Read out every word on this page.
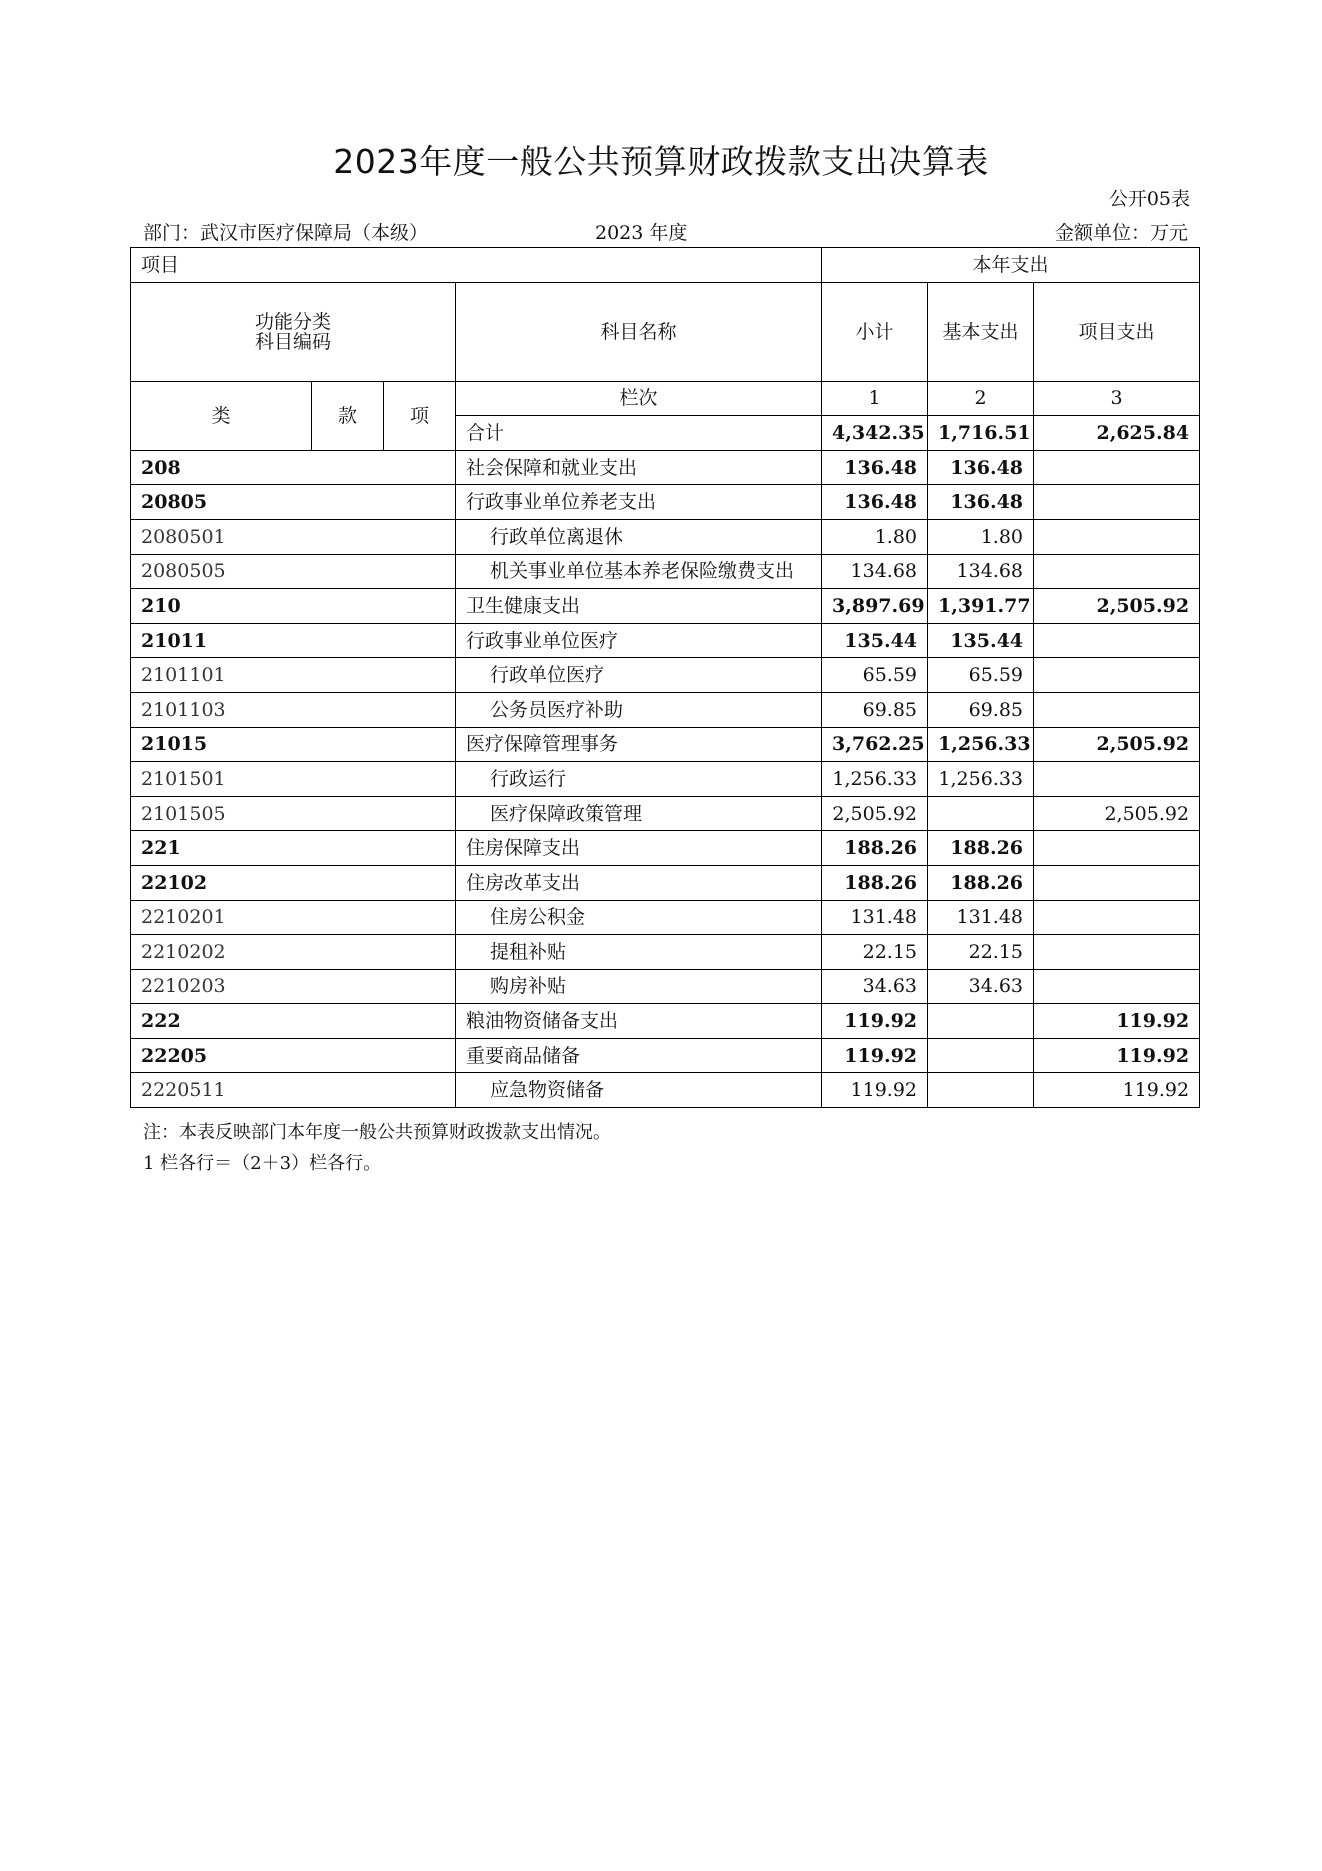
2023年度一般公共预算财政拨款支出决算表
公开05表
部门：武汉市医疗保障局（本级）	2023 年度	金额单位：万元
项目				本年支出		

功能分类
科目编码			科目名称	小计	基本支出	项目支出
类	款	项	栏次	1	2	3
			合计	4,342.35	1,716.51	2,625.84
208			社会保障和就业支出	136.48	136.48	
20805			行政事业单位养老支出	136.48	136.48	
2080501			行政单位离退休	1.80	1.80	
2080505			机关事业单位基本养老保险缴费支出	134.68	134.68	
210			卫生健康支出	3,897.69	1,391.77	2,505.92
21011			行政事业单位医疗	135.44	135.44	
2101101			行政单位医疗	65.59	65.59	
2101103			公务员医疗补助	69.85	69.85	
21015			医疗保障管理事务	3,762.25	1,256.33	2,505.92
2101501			行政运行	1,256.33	1,256.33	
2101505			医疗保障政策管理	2,505.92		2,505.92
221			住房保障支出	188.26	188.26	
22102			住房改革支出	188.26	188.26	
2210201			住房公积金	131.48	131.48	
2210202			提租补贴	22.15	22.15	
2210203			购房补贴	34.63	34.63	
222			粮油物资储备支出	119.92		119.92
22205			重要商品储备	119.92		119.92
2220511			应急物资储备	119.92		119.92
注：本表反映部门本年度一般公共预算财政拨款支出情况。
1 栏各行＝（2＋3）栏各行。
